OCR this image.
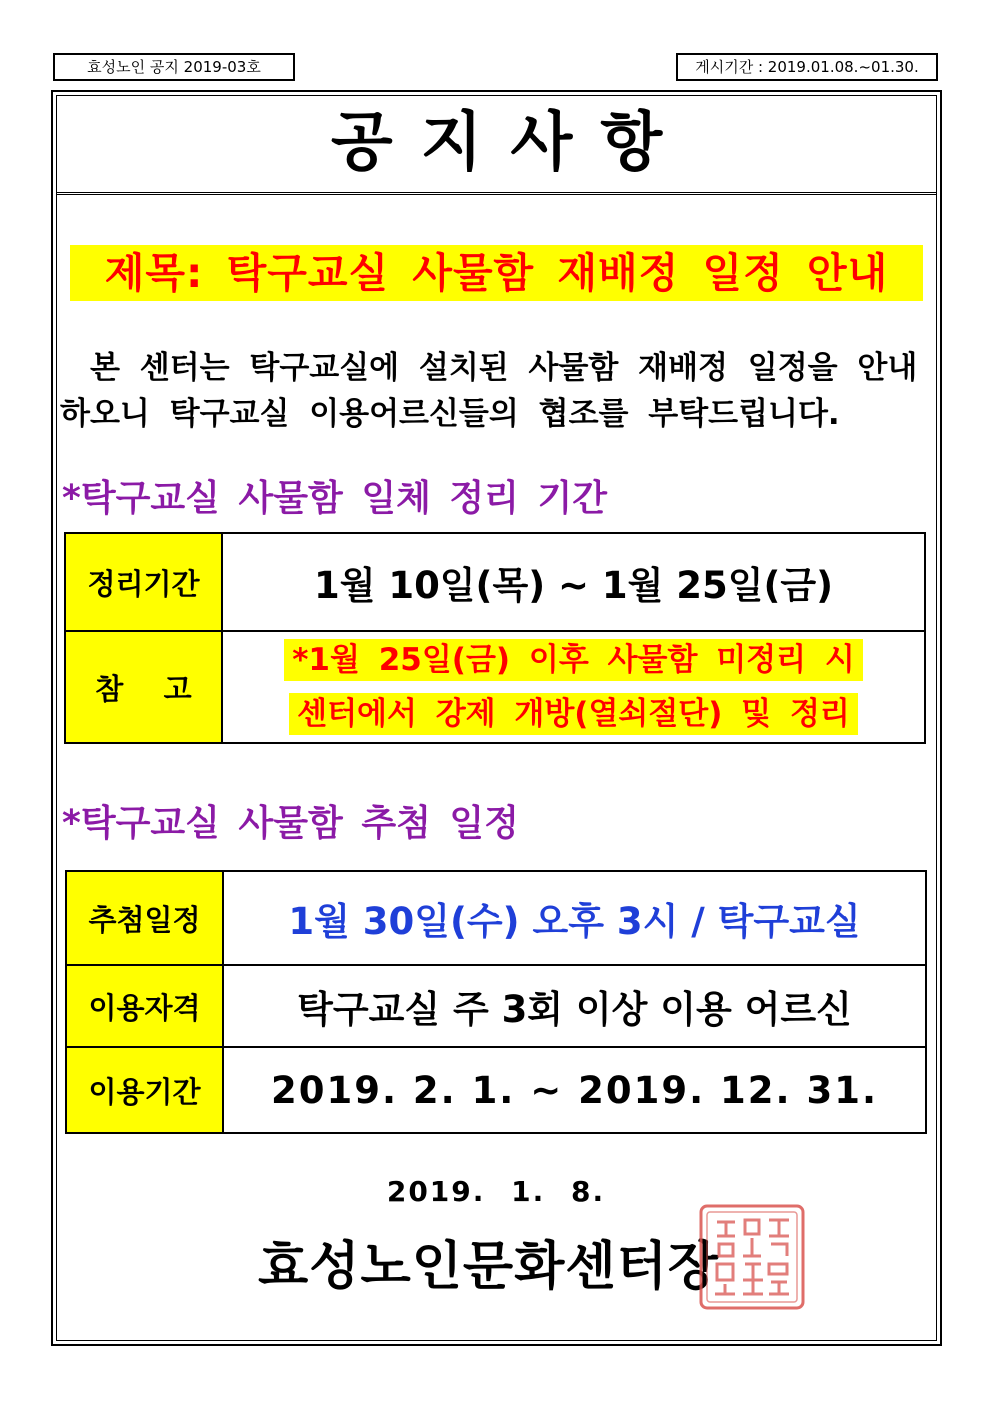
효성노인 공지 2019-03호	게시기간 : 2019.01.08.~01.30.
공지사항
제목: 탁구교실 사물함 재배정 일정 안내
본 센터는 탁구교실에 설치된 사물함 재배정 일정을 안내
하오니 탁구교실 이용어르신들의 협조를 부탁드립니다.
*탁구교실 사물함 일체 정리 기간
정리기간	1월 10일(목) ~ 1월 25일(금)
참    고	*1월 25일(금) 이후 사물함 미정리 시
센터에서 강제 개방(열쇠절단) 및 정리
*탁구교실 사물함 추첨 일정
추첨일정	1월 30일(수) 오후 3시 / 탁구교실
이용자격	탁구교실 주 3회 이상 이용 어르신
이용기간	2019. 2. 1. ~ 2019. 12. 31.
2019. 1. 8.
효성노인문화센터장
